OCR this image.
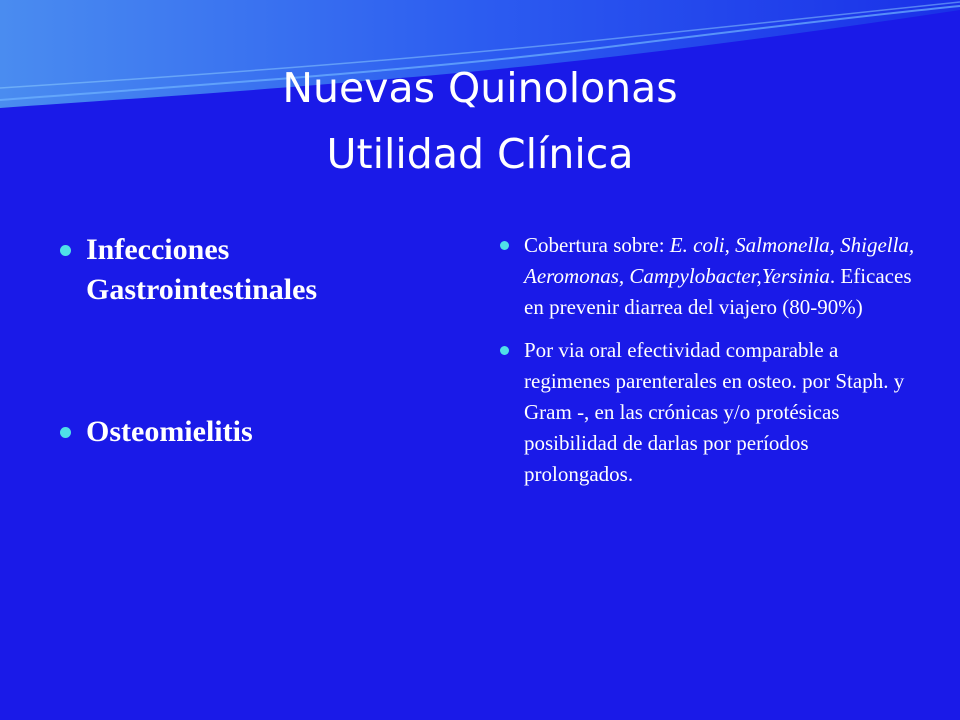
Nuevas Quinolonas
Utilidad Clínica
Infecciones Gastrointestinales
Osteomielitis
Cobertura sobre: E. coli, Salmonella, Shigella, Aeromonas, Campylobacter,Yersinia. Eficaces en prevenir diarrea del viajero (80-90%)
Por via oral efectividad comparable a regimenes parenterales en osteo. por Staph. y Gram -, en las crónicas y/o protésicas posibilidad de darlas por períodos prolongados.
